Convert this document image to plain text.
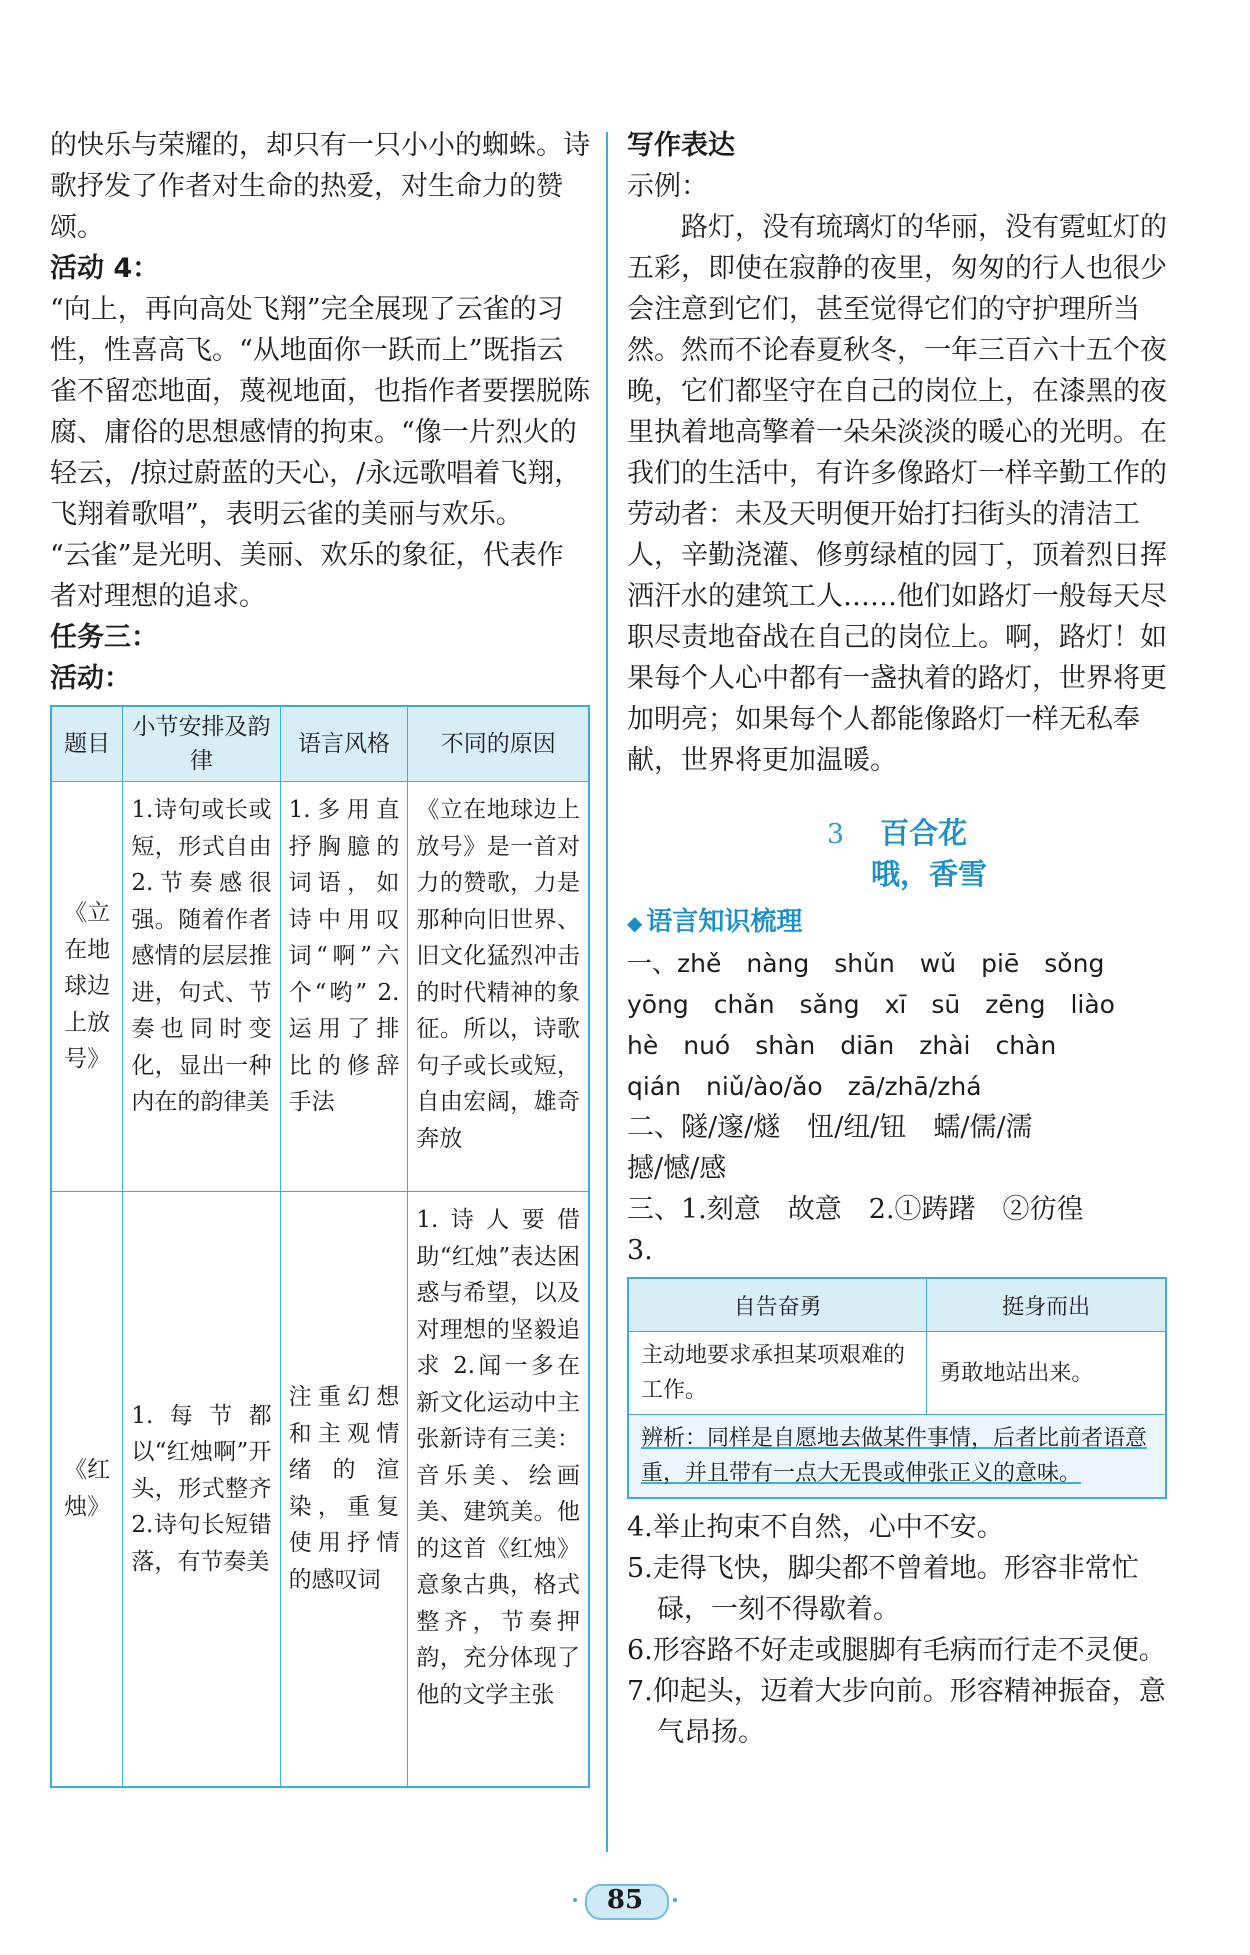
的快乐与荣耀的，却只有一只小小的蜘蛛。诗歌抒发了作者对生命的热爱，对生命力的赞颂。

活动 4：

“向上，再向高处飞翔”完全展现了云雀的习性，性喜高飞。“从地面你一跃而上”既指云雀不留恋地面，蔑视地面，也指作者要摆脱陈腐、庸俗的思想感情的拘束。“像一片烈火的轻云，/掠过蔚蓝的天心，/永远歌唱着飞翔，飞翔着歌唱”，表明云雀的美丽与欢乐。

“云雀”是光明、美丽、欢乐的象征，代表作者对理想的追求。

任务三：

活动：

题目	小节安排及韵律	语言风格	不同的原因
《立在地球边上放号》	1.诗句或长或短，形式自由 2.节奏感很强。随着作者感情的层层推进，句式、节奏也同时变化，显出一种内在的韵律美	1.多用直抒胸臆的词语，如诗中用叹词“啊”六个“哟” 2.运用了排比的修辞手法	《立在地球边上放号》是一首对力的赞歌，力是那种向旧世界、旧文化猛烈冲击的时代精神的象征。所以，诗歌句子或长或短，自由宏阔，雄奇奔放
《红烛》	1.每节都以“红烛啊”开头，形式整齐 2.诗句长短错落，有节奏美	注重幻想和主观情绪的渲染，重复使用抒情的感叹词	1.诗人要借助“红烛”表达困惑与希望，以及对理想的坚毅追求 2.闻一多在新文化运动中主张新诗有三美：音乐美、绘画美、建筑美。他的这首《红烛》意象古典，格式整齐，节奏押韵，充分体现了他的文学主张

写作表达

示例：

路灯，没有琉璃灯的华丽，没有霓虹灯的五彩，即使在寂静的夜里，匆匆的行人也很少会注意到它们，甚至觉得它们的守护理所当然。然而不论春夏秋冬，一年三百六十五个夜晚，它们都坚守在自己的岗位上，在漆黑的夜里执着地高擎着一朵朵淡淡的暖心的光明。在我们的生活中，有许多像路灯一样辛勤工作的劳动者：未及天明便开始打扫街头的清洁工人，辛勤浇灌、修剪绿植的园丁，顶着烈日挥洒汗水的建筑工人……他们如路灯一般每天尽职尽责地奋战在自己的岗位上。啊，路灯！如果每个人心中都有一盏执着的路灯，世界将更加明亮；如果每个人都能像路灯一样无私奉献，世界将更加温暖。

3 百合花
哦，香雪
◆ 语言知识梳理

一、zhě　nàng　shǔn　wǔ　piē　sǒng

yōng　chǎn　sǎng　xī　sū　zēng　liào

hè　nuó　shàn　diān　zhài　chàn

qián　niǔ/ào/ǎo　zā/zhā/zhá

二、隧/邃/燧　忸/纽/钮　蠕/儒/濡

撼/憾/感

三、1.刻意　故意　2.①踌躇　②彷徨

3.

自告奋勇	挺身而出
主动地要求承担某项艰难的工作。	勇敢地站出来。
辨析：同样是自愿地去做某件事情，后者比前者语意重，并且带有一点大无畏或伸张正义的意味。	

4.举止拘束不自然，心中不安。

5.走得飞快，脚尖都不曾着地。形容非常忙碌，一刻不得歇着。

6.形容路不好走或腿脚有毛病而行走不灵便。

7.仰起头，迈着大步向前。形容精神振奋，意气昂扬。

85
